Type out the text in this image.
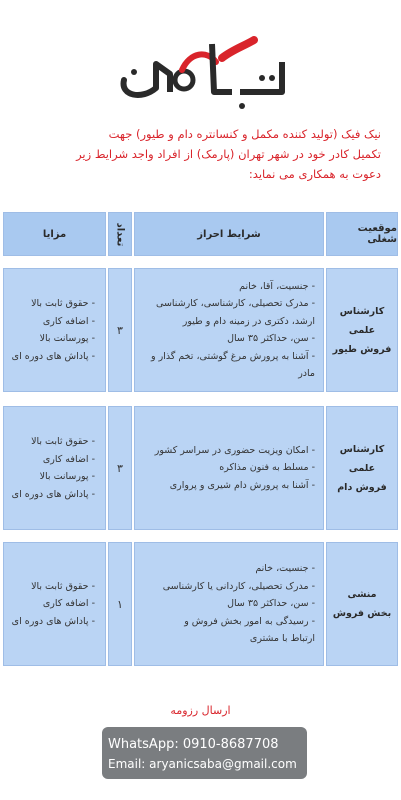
نیک فیک (تولید کننده مکمل و کنسانتره دام و طیور) جهت
تکمیل کادر خود در شهر تهران (پارمک) از افراد واجد شرایط زیر
دعوت به همکاری می نماید:
موقعیت شغلی
شرایط احراز
تعداد
مزایا
کارشناس علمی
فروش طیور
- جنسیت، آقا، خانم
- مدرک تحصیلی، کارشناسی، کارشناسی
ارشد، دکتری در زمینه دام و طیور
- سن، حداکثر ۳۵ سال
- آشنا به پرورش مرغ گوشتی، تخم گذار و مادر
۳
- حقوق ثابت بالا
- اضافه کاری
- پورسانت بالا
- پاداش های دوره ای
کارشناس علمی
فروش دام
- امکان ویزیت حضوری در سراسر کشور
- مسلط به فنون مذاکره
- آشنا به پرورش دام شیری و پرواری
۳
- حقوق ثابت بالا
- اضافه کاری
- پورسانت بالا
- پاداش های دوره ای
منشی
بخش فروش
- جنسیت، خانم
- مدرک تحصیلی، کاردانی یا کارشناسی
- سن، حداکثر ۳۵ سال
- رسیدگی به امور بخش فروش و
ارتباط با مشتری
۱
- حقوق ثابت بالا
- اضافه کاری
- پاداش های دوره ای
ارسال رزومه
WhatsApp: 0910-8687708
Email: aryanicsaba@gmail.com
